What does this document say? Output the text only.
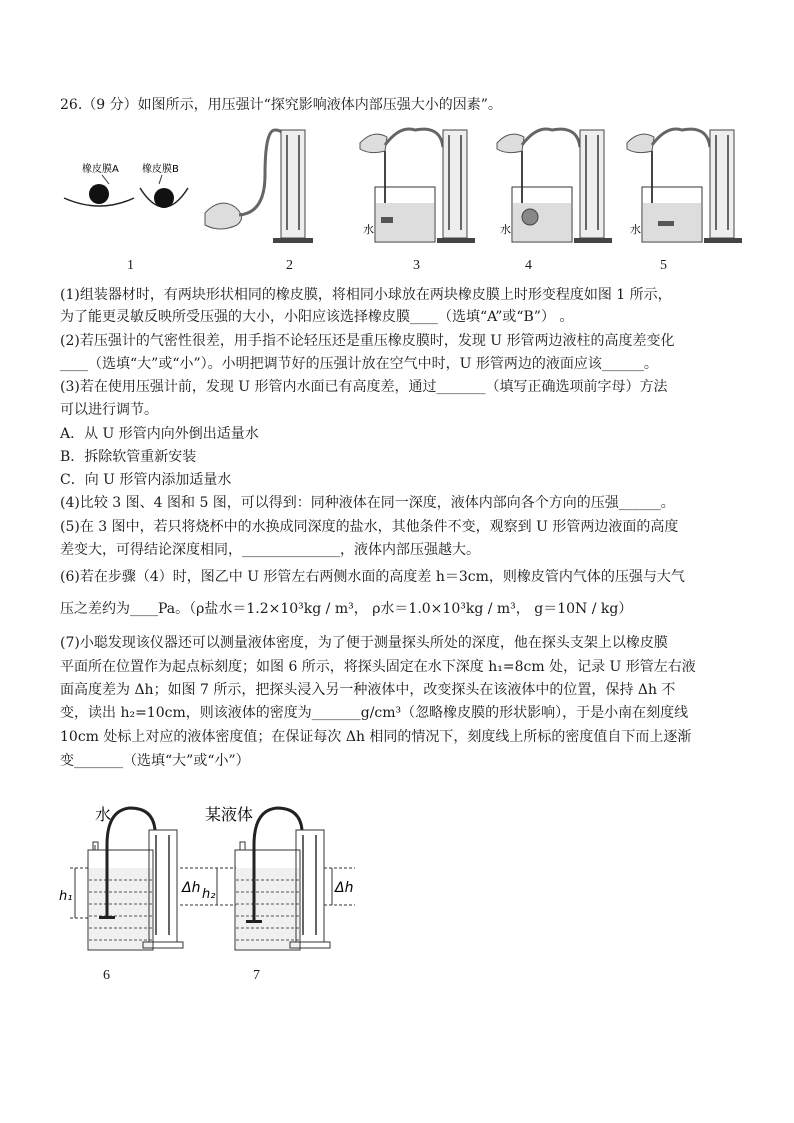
26.（9 分）如图所示，用压强计“探究影响液体内部压强大小的因素”。
橡皮膜A 橡皮膜B
水	水	水
1	2	3	4	5
(1)组装器材时，有两块形状相同的橡皮膜，将相同小球放在两块橡皮膜上时形变程度如图 1 所示，
为了能更灵敏反映所受压强的大小，小阳应该选择橡皮膜____（选填“A”或“B”） 。
(2)若压强计的气密性很差，用手指不论轻压还是重压橡皮膜时，发现 U 形管两边液柱的高度差变化
____（选填“大”或“小”）。小明把调节好的压强计放在空气中时，U 形管两边的液面应该______。
(3)若在使用压强计前，发现 U 形管内水面已有高度差，通过_______（填写正确选项前字母）方法
可以进行调节。
A．从 U 形管内向外倒出适量水
B．拆除软管重新安装
C．向 U 形管内添加适量水
(4)比较 3 图、4 图和 5 图，可以得到：同种液体在同一深度，液体内部向各个方向的压强______。
(5)在 3 图中，若只将烧杯中的水换成同深度的盐水，其他条件不变，观察到 U 形管两边液面的高度
差变大，可得结论深度相同，______________，液体内部压强越大。
(6)若在步骤（4）时，图乙中 U 形管左右两侧水面的高度差 h＝3cm，则橡皮管内气体的压强与大气
压之差约为____Pa。（ρ盐水＝1.2×10³kg / m³， ρ水＝1.0×10³kg / m³， g＝10N / kg）
(7)小聪发现该仪器还可以测量液体密度，为了便于测量探头所处的深度，他在探头支架上以橡皮膜
平面所在位置作为起点标刻度；如图 6 所示，将探头固定在水下深度 h₁=8cm 处，记录 U 形管左右液
面高度差为 Δh；如图 7 所示，把探头浸入另一种液体中，改变探头在该液体中的位置，保持 Δh 不
变，读出 h₂=10cm，则该液体的密度为_______g/cm³（忽略橡皮膜的形状影响），于是小南在刻度线
10cm 处标上对应的液体密度值；在保证每次 Δh 相同的情况下，刻度线上所标的密度值自下而上逐渐
变_______（选填“大”或“小”）
水
h₁
某液体
Δh h₂	Δh
6	7
